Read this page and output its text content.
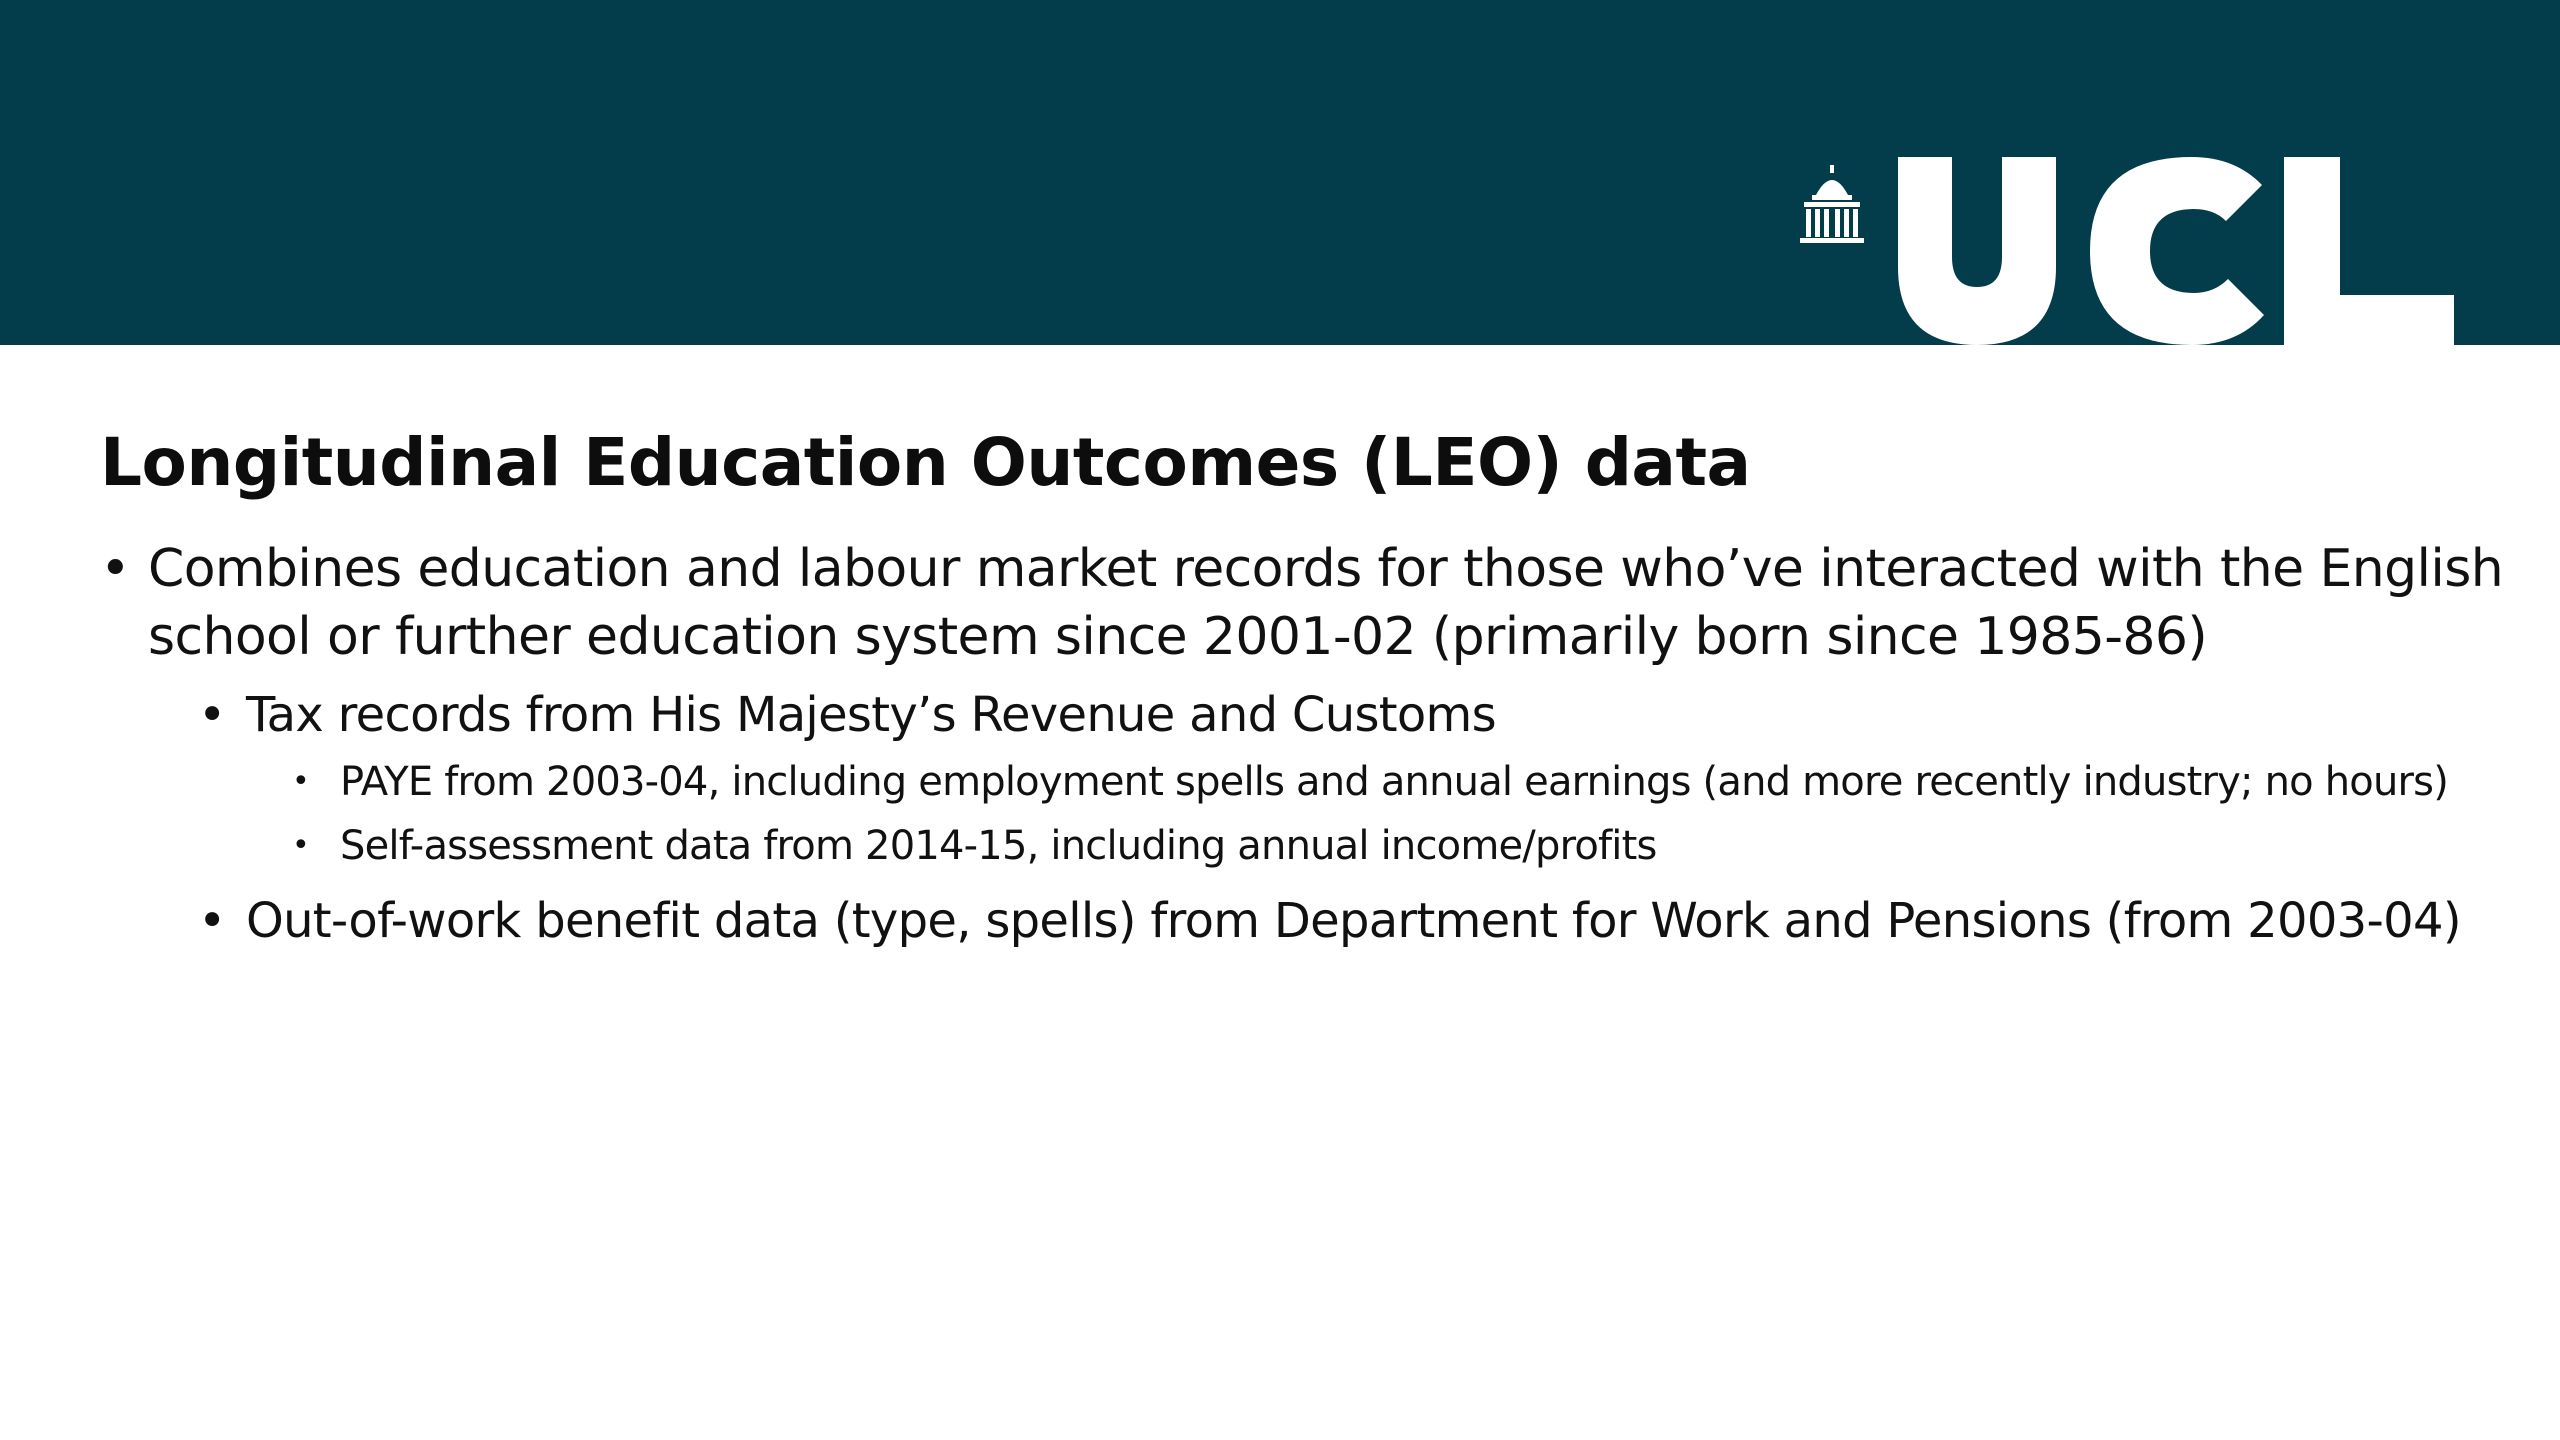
Longitudinal Education Outcomes (LEO) data
• Combines education and labour market records for those who’ve interacted with the English school or further education system since 2001-02 (primarily born since 1985-86)
• Tax records from His Majesty’s Revenue and Customs
• PAYE from 2003-04, including employment spells and annual earnings (and more recently industry; no hours)
• Self-assessment data from 2014-15, including annual income/profits
• Out-of-work benefit data (type, spells) from Department for Work and Pensions (from 2003-04)
